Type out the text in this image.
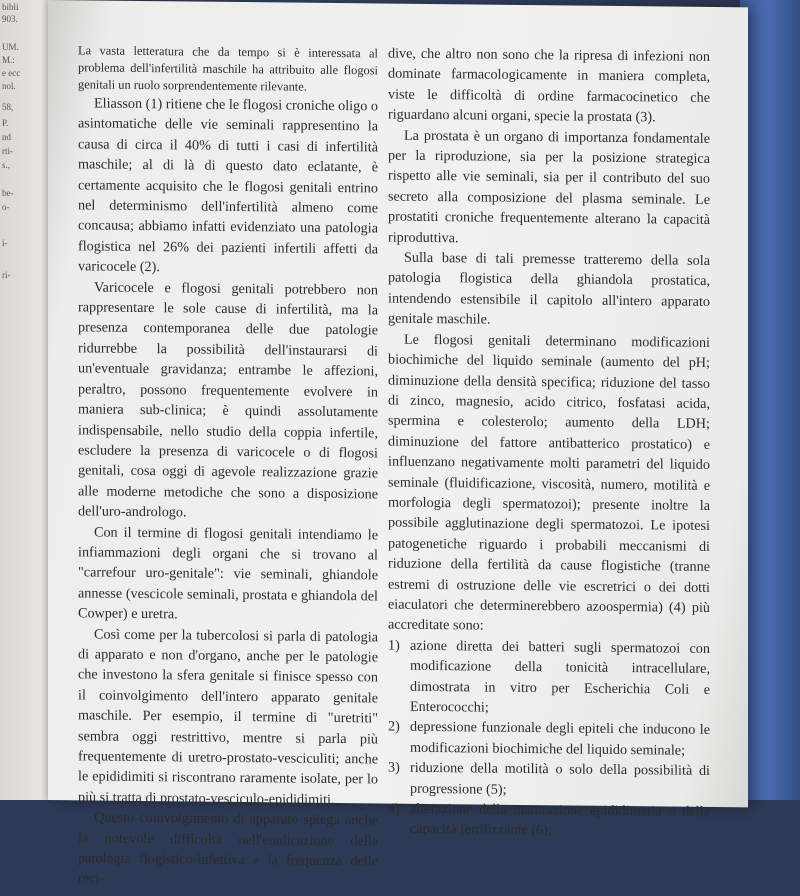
bibli
903.
UM.
M.:
e ecc
nol.
58,
P.
nd
rti-
s.,
be-
o-
i-
ri-

La vasta letteratura che da tempo si è interessata al problema dell'infertilità maschile ha attribuito alle flogosi genitali un ruolo sorprendentemente rilevante.

Eliasson (1) ritiene che le flogosi croniche oligo o asintomatiche delle vie seminali rappresentino la causa di circa il 40% di tutti i casi di infertilità maschile; al di là di questo dato eclatante, è certamente acquisito che le flogosi genitali entrino nel determinismo dell'infertilità almeno come concausa; abbiamo infatti evidenziato una patologia flogistica nel 26% dei pazienti infertili affetti da varicocele (2).

Varicocele e flogosi genitali potrebbero non rappresentare le sole cause di infertilità, ma la presenza contemporanea delle due patologie ridurrebbe la possibilità dell'instaurarsi di un'eventuale gravidanza; entrambe le affezioni, peraltro, possono frequentemente evolvere in maniera sub-clinica; è quindi assolutamente indispensabile, nello studio della coppia infertile, escludere la presenza di varicocele o di flogosi genitali, cosa oggi di agevole realizzazione grazie alle moderne metodiche che sono a disposizione dell'uro-andrologo.

Con il termine di flogosi genitali intendiamo le infiammazioni degli organi che si trovano al "carrefour uro-genitale": vie seminali, ghiandole annesse (vescicole seminali, prostata e ghiandola del Cowper) e uretra.

Così come per la tubercolosi si parla di patologia di apparato e non d'organo, anche per le patologie che investono la sfera genitale si finisce spesso con il coinvolgimento dell'intero apparato genitale maschile. Per esempio, il termine di "uretriti" sembra oggi restrittivo, mentre si parla più frequentemente di uretro-prostato-vesciculiti; anche le epididimiti si riscontrano raramente isolate, per lo più si tratta di prostato-vesciculo-epididimiti.

Questo coinvolgimento di apparato spiega anche la notevole difficoltà nell'eradicazione della patologia flogistico-infettiva e la frequenza delle reci-

dive, che altro non sono che la ripresa di infezioni non dominate farmacologicamente in maniera completa, viste le difficoltà di ordine farmacocinetico che riguardano alcuni organi, specie la prostata (3).

La prostata è un organo di importanza fondamentale per la riproduzione, sia per la posizione strategica rispetto alle vie seminali, sia per il contributo del suo secreto alla composizione del plasma seminale. Le prostatiti croniche frequentemente alterano la capacità riproduttiva.

Sulla base di tali premesse tratteremo della sola patologia flogistica della ghiandola prostatica, intendendo estensibile il capitolo all'intero apparato genitale maschile.

Le flogosi genitali determinano modificazioni biochimiche del liquido seminale (aumento del pH; diminuzione della densità specifica; riduzione del tasso di zinco, magnesio, acido citrico, fosfatasi acida, spermina e colesterolo; aumento della LDH; diminuzione del fattore antibatterico prostatico) e influenzano negativamente molti parametri del liquido seminale (fluidificazione, viscosità, numero, motilità e morfologia degli spermatozoi); presente inoltre la possibile agglutinazione degli spermatozoi. Le ipotesi patogenetiche riguardo i probabili meccanismi di riduzione della fertilità da cause flogistiche (tranne estremi di ostruzione delle vie escretrici o dei dotti eiaculatori che determinerebbero azoospermia) (4) più accreditate sono:

1) azione diretta dei batteri sugli spermatozoi con modificazione della tonicità intracellulare, dimostrata in vitro per Escherichia Coli e Enterococchi;
2) depressione funzionale degli epiteli che inducono le modificazioni biochimiche del liquido seminale;
3) riduzione della motilità o solo della possibilità di progressione (5);
4) alterazione della maturazione epididimaria o della capacità fertilizzante (6);
